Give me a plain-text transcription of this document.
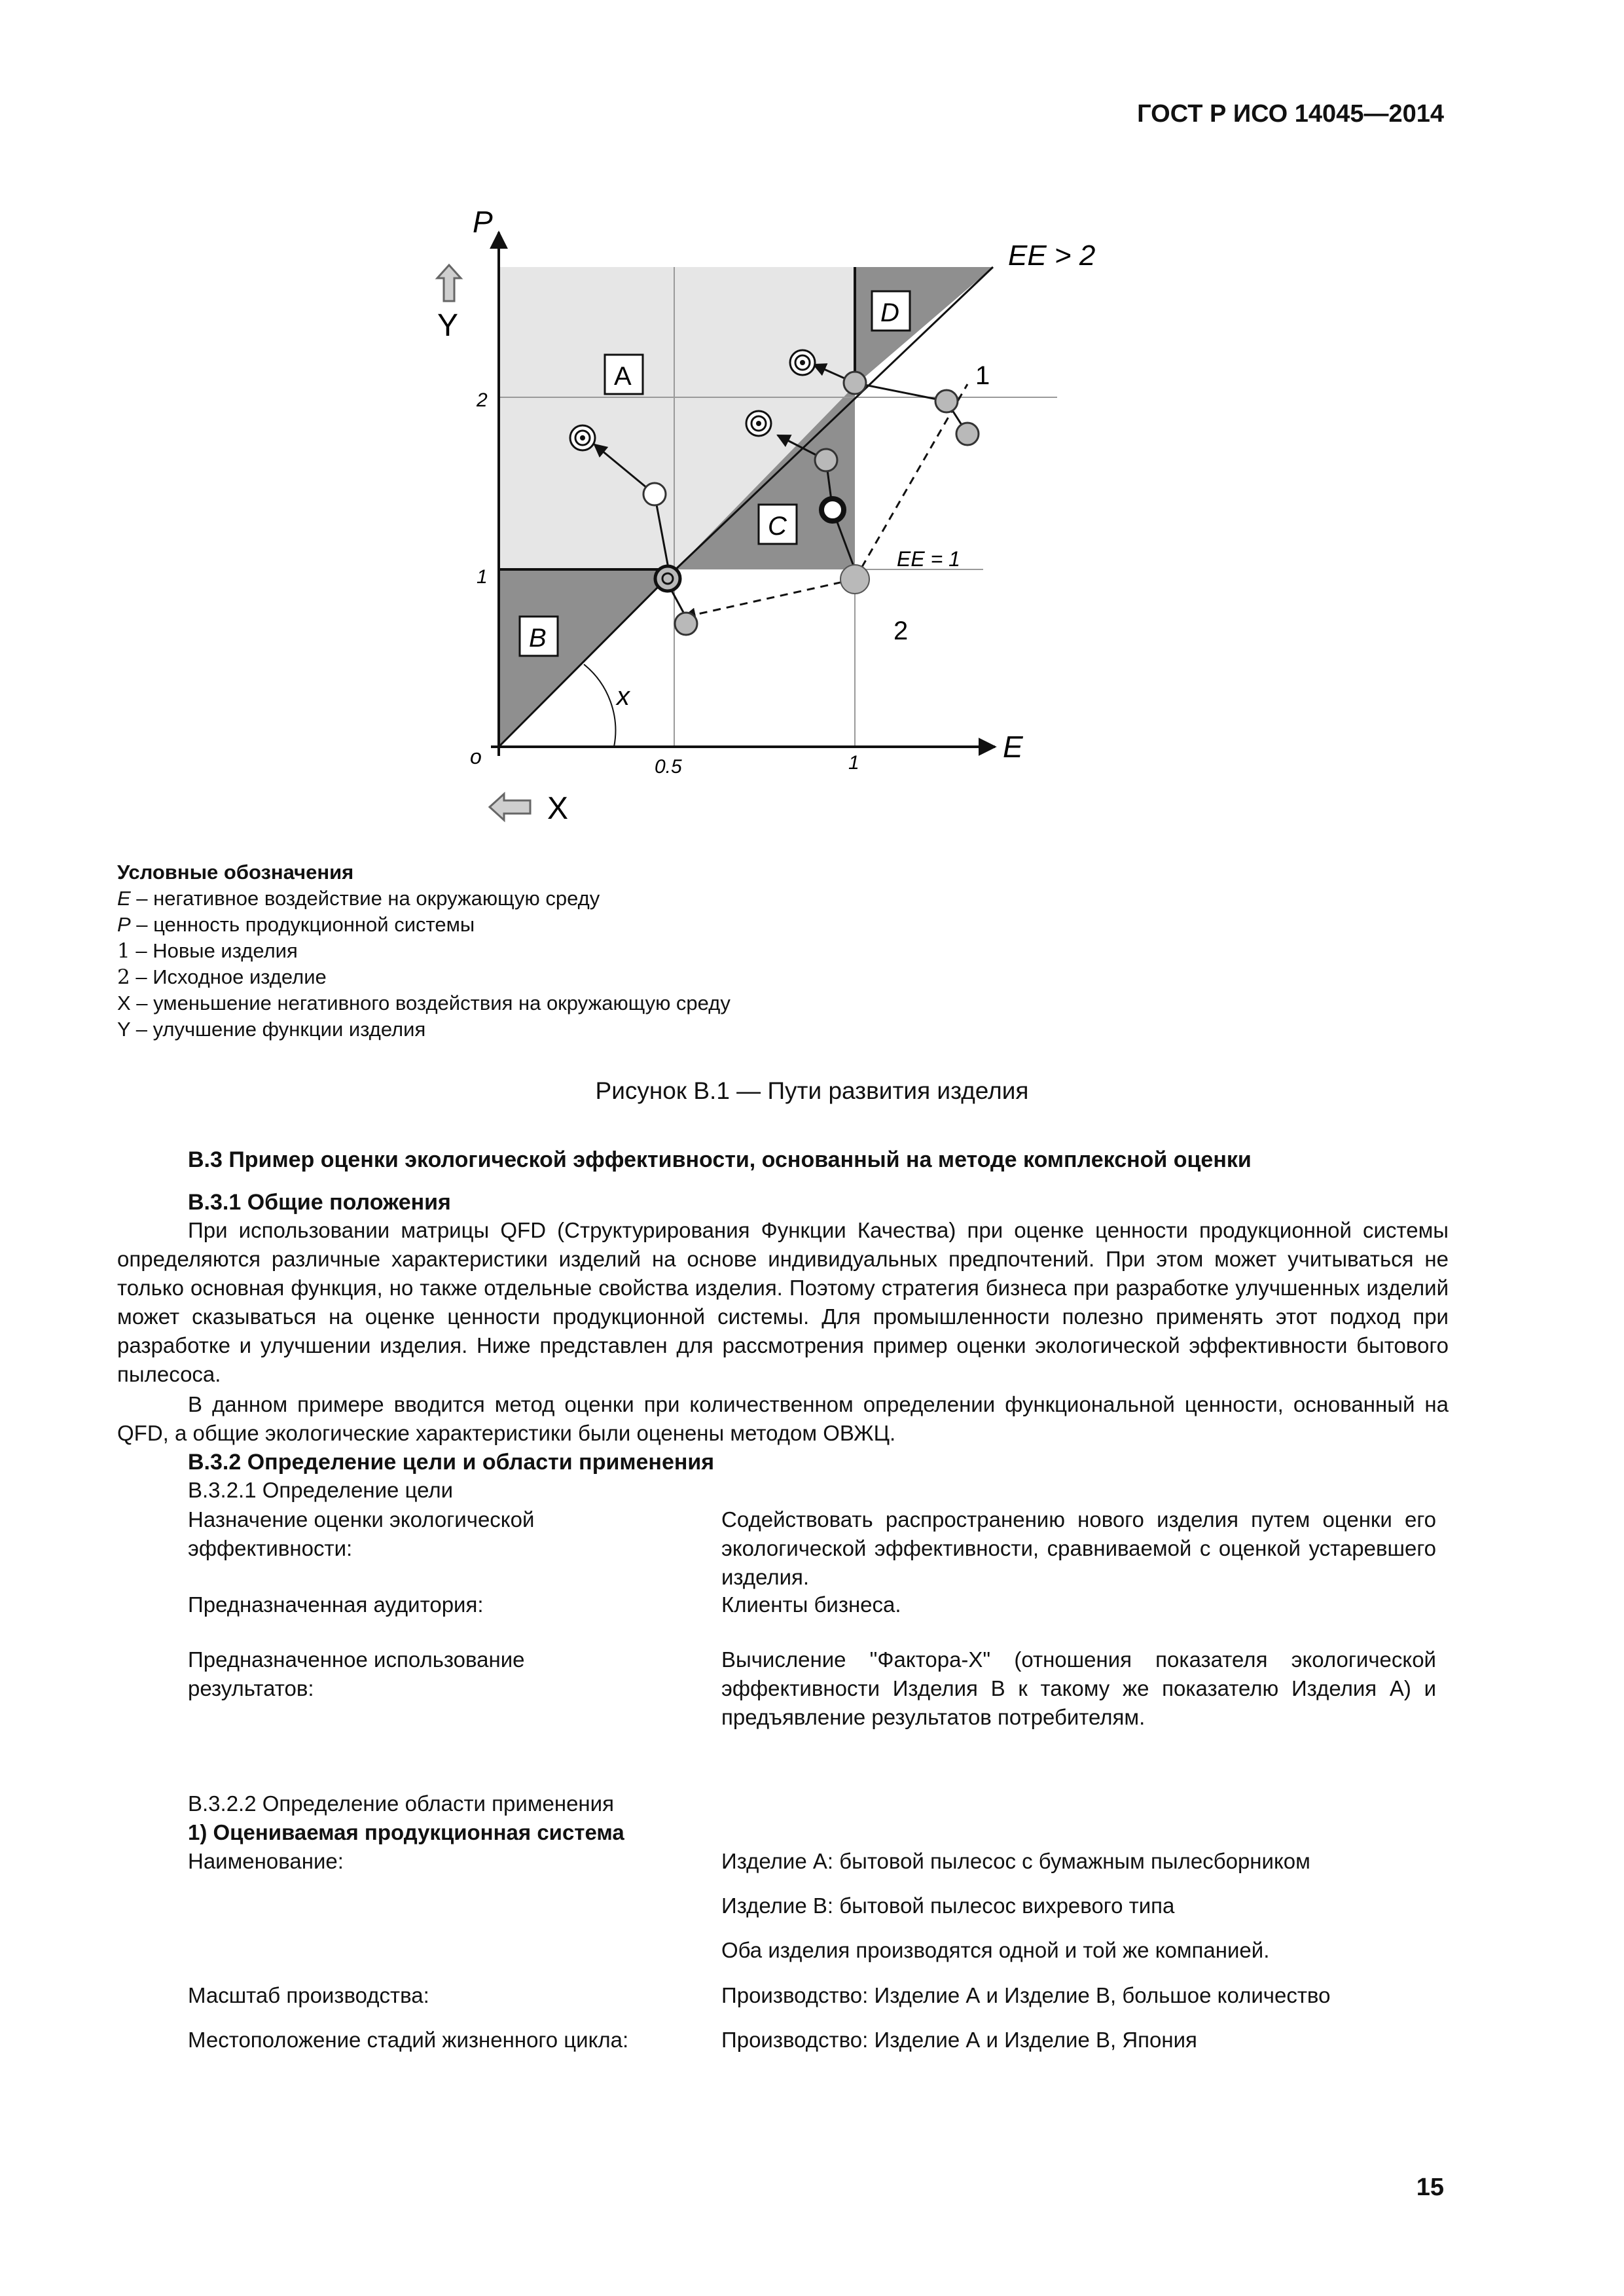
ГОСТ Р ИСО 14045—2014
P
E
o	0.5	1
1
2
Y
X
A
B
C
D
EE > 2
EE = 1
x
1
2
Условные обозначения
E – негативное воздействие на окружающую среду
P – ценность продукционной системы
1 – Новые изделия
2 – Исходное изделие
X – уменьшение негативного воздействия на окружающую среду
Y – улучшение функции изделия
Рисунок В.1 — Пути развития изделия
В.3 Пример оценки экологической эффективности, основанный на методе комплексной оценки
В.3.1 Общие положения
При использовании матрицы QFD (Структурирования Функции Качества) при оценке ценности продукционной системы определяются различные характеристики изделий на основе индивидуальных предпочтений. При этом может учитываться не только основная функция, но также отдельные свойства изделия. Поэтому стратегия бизнеса при разработке улучшенных изделий может сказываться на оценке ценности продукционной системы. Для промышленности полезно применять этот подход при разработке и улучшении изделия. Ниже представлен для рассмотрения пример оценки экологической эффективности бытового пылесоса.
В данном примере вводится метод оценки при количественном определении функциональной ценности, основанный на QFD, а общие экологические характеристики были оценены методом ОВЖЦ.
В.3.2 Определение цели и области применения
В.3.2.1 Определение цели
Назначение оценки экологической эффективности:
Содействовать распространению нового изделия путем оценки его экологической эффективности, сравниваемой с оценкой устаревшего изделия.
Предназначенная аудитория:	Клиенты бизнеса.
Предназначенное использование результатов:
Вычисление "Фактора-X" (отношения показателя экологической эффективности Изделия В к такому же показателю Изделия А) и предъявление результатов потребителям.
В.3.2.2 Определение области применения
1) Оцениваемая продукционная система
Наименование:	Изделие А: бытовой пылесос с бумажным пылесборником
Изделие В: бытовой пылесос вихревого типа
Оба изделия производятся одной и той же компанией.
Масштаб производства:	Производство: Изделие А и Изделие В, большое количество
Местоположение стадий жизненного цикла:	Производство: Изделие А и Изделие В, Япония
15
